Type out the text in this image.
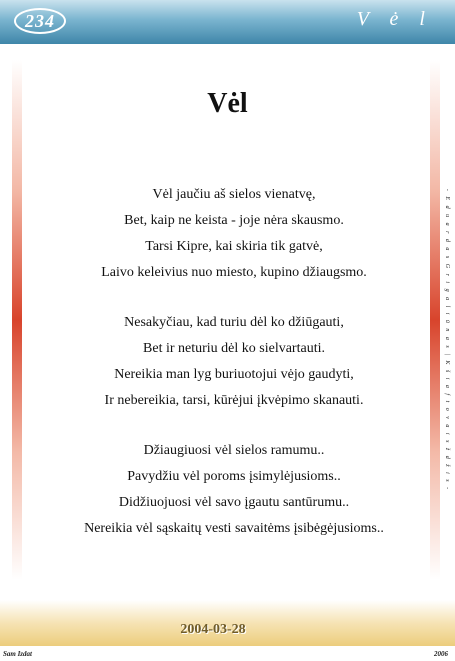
234	V ė l
- E d u a r d a s G r i g a l i ū n a s | K š i a f t o v a i s ž d ž i s -
Vėl
Vėl jaučiu aš sielos vienatvę,
Bet, kaip ne keista - joje nėra skausmo.
Tarsi Kipre, kai skiria tik gatvė,
Laivo keleivius nuo miesto, kupino džiaugsmo.
Nesakyčiau, kad turiu dėl ko džiūgauti,
Bet ir neturiu dėl ko sielvartauti.
Nereikia man lyg buriuotojui vėjo gaudyti,
Ir nebereikia, tarsi, kūrėjui įkvėpimo skanauti.
Džiaugiuosi vėl sielos ramumu..
Pavydžiu vėl poroms įsimylėjusioms..
Didžiuojuosi vėl savo įgautu santūrumu..
Nereikia vėl sąskaitų vesti savaitėms įsibėgėjusioms..
2004-03-28
Sam Izdat	2006
